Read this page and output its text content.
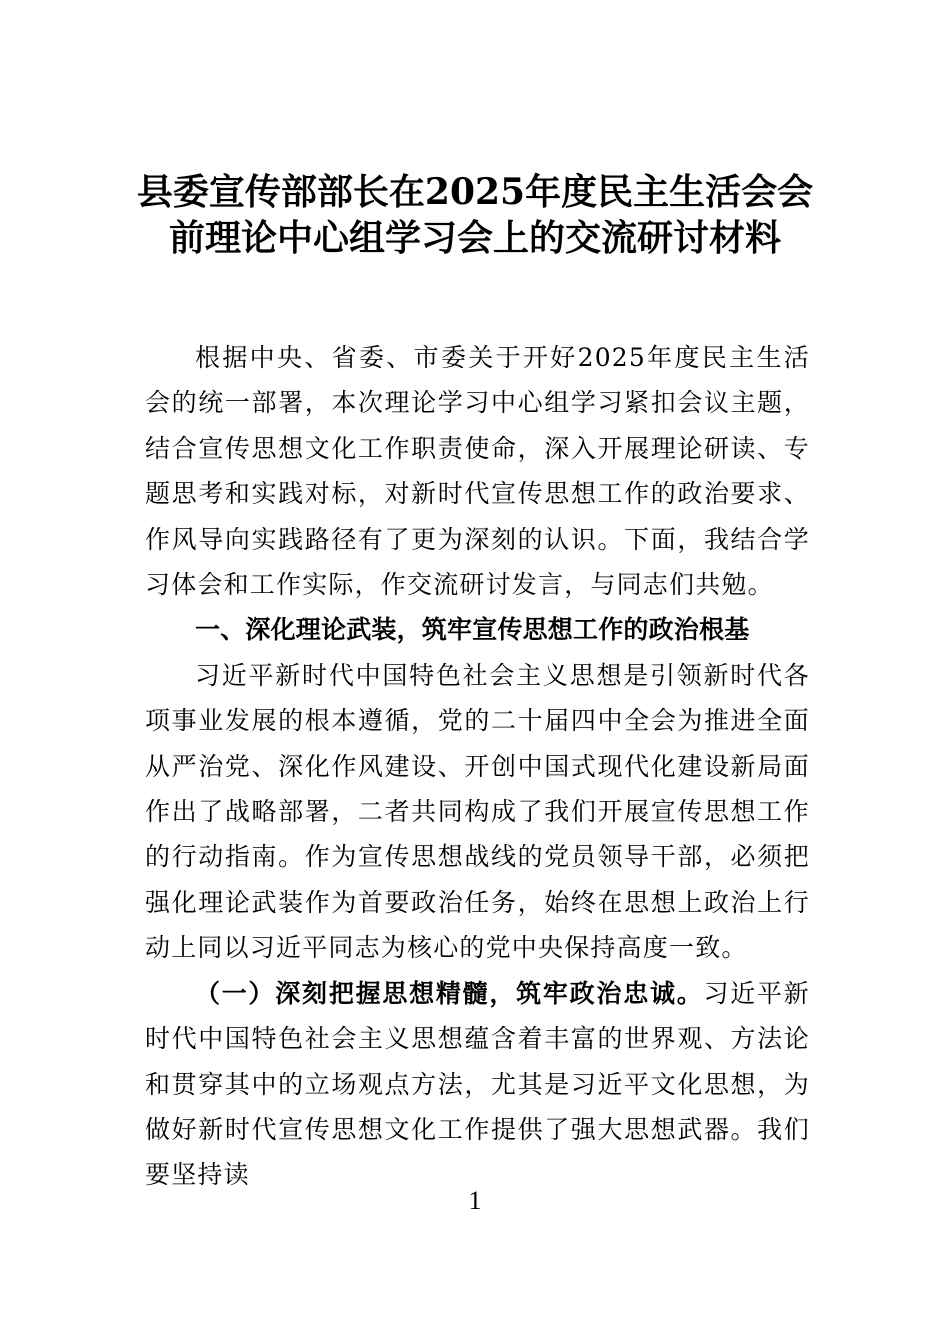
县委宣传部部长在2025年度民主生活会会
前理论中心组学习会上的交流研讨材料

根据中央、省委、市委关于开好2025年度民主生活会的统一部署，本次理论学习中心组学习紧扣会议主题，结合宣传思想文化工作职责使命，深入开展理论研读、专题思考和实践对标，对新时代宣传思想工作的政治要求、作风导向实践路径有了更为深刻的认识。下面，我结合学习体会和工作实际，作交流研讨发言，与同志们共勉。

一、深化理论武装，筑牢宣传思想工作的政治根基

习近平新时代中国特色社会主义思想是引领新时代各项事业发展的根本遵循，党的二十届四中全会为推进全面从严治党、深化作风建设、开创中国式现代化建设新局面作出了战略部署，二者共同构成了我们开展宣传思想工作的行动指南。作为宣传思想战线的党员领导干部，必须把强化理论武装作为首要政治任务，始终在思想上政治上行动上同以习近平同志为核心的党中央保持高度一致。

（一）深刻把握思想精髓，筑牢政治忠诚。习近平新时代中国特色社会主义思想蕴含着丰富的世界观、方法论和贯穿其中的立场观点方法，尤其是习近平文化思想，为做好新时代宣传思想文化工作提供了强大思想武器。我们要坚持读

1
